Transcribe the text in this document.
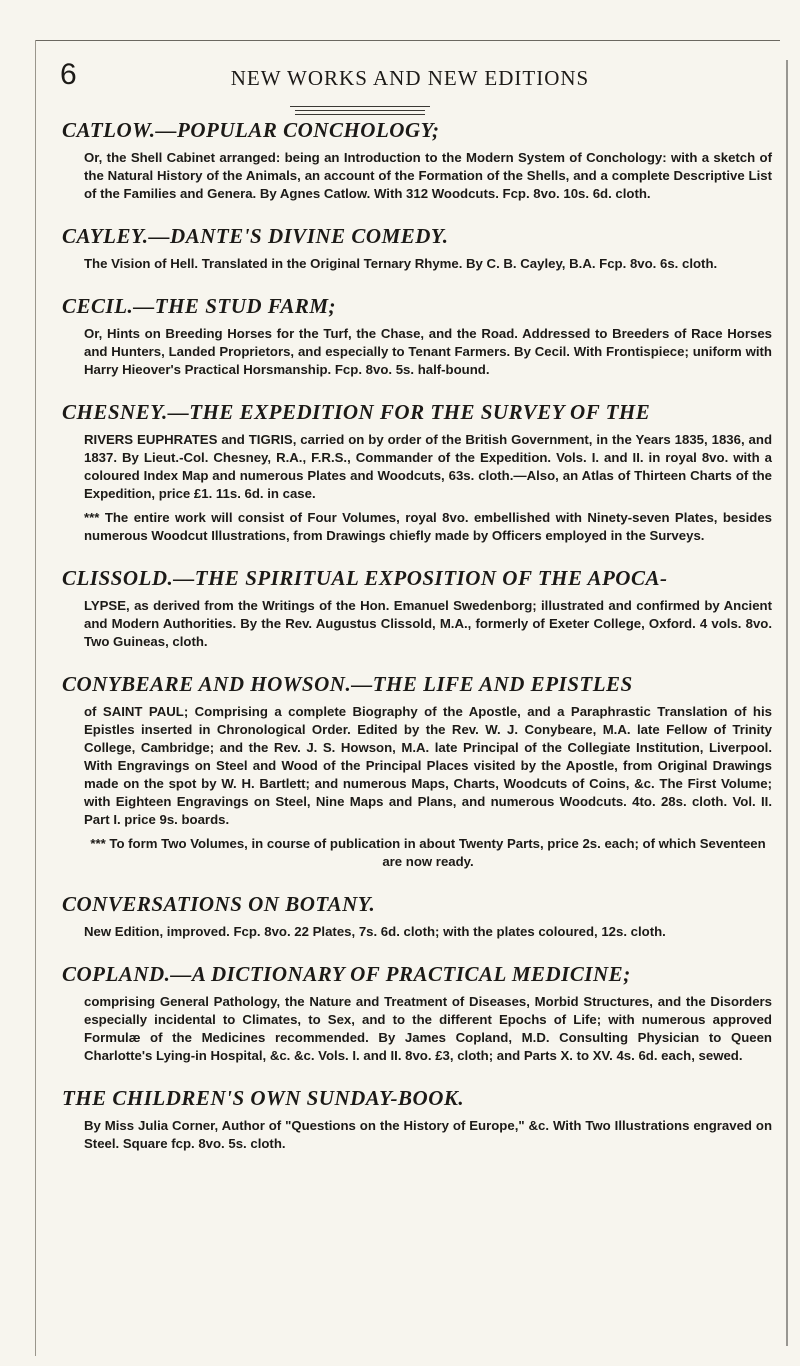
6	NEW WORKS AND NEW EDITIONS
CATLOW.—POPULAR CONCHOLOGY;

Or, the Shell Cabinet arranged: being an Introduction to the Modern System of Conchology: with a sketch of the Natural History of the Animals, an account of the Formation of the Shells, and a complete Descriptive List of the Families and Genera. By Agnes Catlow. With 312 Woodcuts. Fcp. 8vo. 10s. 6d. cloth.

CAYLEY.—DANTE'S DIVINE COMEDY.

The Vision of Hell. Translated in the Original Ternary Rhyme. By C. B. Cayley, B.A. Fcp. 8vo. 6s. cloth.

CECIL.—THE STUD FARM;

Or, Hints on Breeding Horses for the Turf, the Chase, and the Road. Addressed to Breeders of Race Horses and Hunters, Landed Proprietors, and especially to Tenant Farmers. By Cecil. With Frontispiece; uniform with Harry Hieover's Practical Horsmanship. Fcp. 8vo. 5s. half-bound.

CHESNEY.—THE EXPEDITION FOR THE SURVEY OF THE

RIVERS EUPHRATES and TIGRIS, carried on by order of the British Government, in the Years 1835, 1836, and 1837. By Lieut.-Col. Chesney, R.A., F.R.S., Commander of the Expedition. Vols. I. and II. in royal 8vo. with a coloured Index Map and numerous Plates and Woodcuts, 63s. cloth.—Also, an Atlas of Thirteen Charts of the Expedition, price £1. 11s. 6d. in case.

*** The entire work will consist of Four Volumes, royal 8vo. embellished with Ninety-seven Plates, besides numerous Woodcut Illustrations, from Drawings chiefly made by Officers employed in the Surveys.

CLISSOLD.—THE SPIRITUAL EXPOSITION OF THE APOCA-

LYPSE, as derived from the Writings of the Hon. Emanuel Swedenborg; illustrated and confirmed by Ancient and Modern Authorities. By the Rev. Augustus Clissold, M.A., formerly of Exeter College, Oxford. 4 vols. 8vo. Two Guineas, cloth.

CONYBEARE AND HOWSON.—THE LIFE AND EPISTLES

of SAINT PAUL; Comprising a complete Biography of the Apostle, and a Paraphrastic Translation of his Epistles inserted in Chronological Order. Edited by the Rev. W. J. Conybeare, M.A. late Fellow of Trinity College, Cambridge; and the Rev. J. S. Howson, M.A. late Principal of the Collegiate Institution, Liverpool. With Engravings on Steel and Wood of the Principal Places visited by the Apostle, from Original Drawings made on the spot by W. H. Bartlett; and numerous Maps, Charts, Woodcuts of Coins, &c. The First Volume; with Eighteen Engravings on Steel, Nine Maps and Plans, and numerous Woodcuts. 4to. 28s. cloth. Vol. II. Part I. price 9s. boards.

*** To form Two Volumes, in course of publication in about Twenty Parts, price 2s. each; of which Seventeen are now ready.

CONVERSATIONS ON BOTANY.

New Edition, improved. Fcp. 8vo. 22 Plates, 7s. 6d. cloth; with the plates coloured, 12s. cloth.

COPLAND.—A DICTIONARY OF PRACTICAL MEDICINE;

comprising General Pathology, the Nature and Treatment of Diseases, Morbid Structures, and the Disorders especially incidental to Climates, to Sex, and to the different Epochs of Life; with numerous approved Formulæ of the Medicines recommended. By James Copland, M.D. Consulting Physician to Queen Charlotte's Lying-in Hospital, &c. &c. Vols. I. and II. 8vo. £3, cloth; and Parts X. to XV. 4s. 6d. each, sewed.

THE CHILDREN'S OWN SUNDAY-BOOK.

By Miss Julia Corner, Author of "Questions on the History of Europe," &c. With Two Illustrations engraved on Steel. Square fcp. 8vo. 5s. cloth.
